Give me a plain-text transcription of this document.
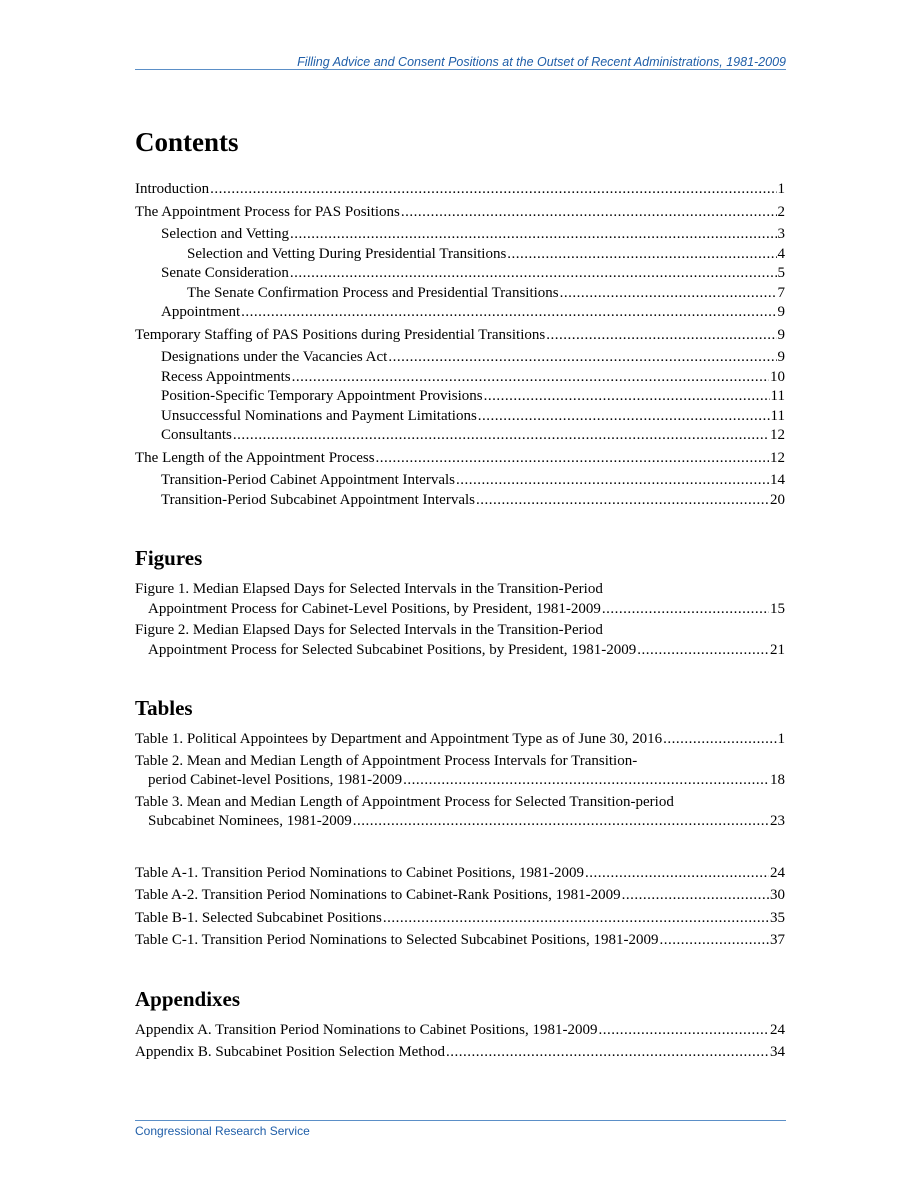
Filling Advice and Consent Positions at the Outset of Recent Administrations, 1981-2009
Contents
Introduction .....	1
The Appointment Process for PAS Positions .....	2
Selection and Vetting .....	3
Selection and Vetting During Presidential Transitions .....	4
Senate Consideration .....	5
The Senate Confirmation Process and Presidential Transitions .....	7
Appointment .....	9
Temporary Staffing of PAS Positions during Presidential Transitions .....	9
Designations under the Vacancies Act .....	9
Recess Appointments .....	10
Position-Specific Temporary Appointment Provisions .....	11
Unsuccessful Nominations and Payment Limitations .....	11
Consultants .....	12
The Length of the Appointment Process .....	12
Transition-Period Cabinet Appointment Intervals .....	14
Transition-Period Subcabinet Appointment Intervals .....	20
Figures
Figure 1. Median Elapsed Days for Selected Intervals in the Transition-Period
Appointment Process for Cabinet-Level Positions, by President, 1981-2009 .....	15
Figure 2. Median Elapsed Days for Selected Intervals in the Transition-Period
Appointment Process for Selected Subcabinet Positions, by President, 1981-2009 .....	21
Tables
Table 1. Political Appointees by Department and Appointment Type as of June 30, 2016 .....	1
Table 2. Mean and Median Length of Appointment Process Intervals for Transition-
period Cabinet-level Positions, 1981-2009 .....	18
Table 3. Mean and Median Length of Appointment Process for Selected Transition-period
Subcabinet Nominees, 1981-2009 .....	23
Table A-1. Transition Period Nominations to Cabinet Positions, 1981-2009 .....	24
Table A-2. Transition Period Nominations to Cabinet-Rank Positions, 1981-2009 .....	30
Table B-1. Selected Subcabinet Positions .....	35
Table C-1. Transition Period Nominations to Selected Subcabinet Positions, 1981-2009 .....	37
Appendixes
Appendix A. Transition Period Nominations to Cabinet Positions, 1981-2009 .....	24
Appendix B. Subcabinet Position Selection Method .....	34
Congressional Research Service
